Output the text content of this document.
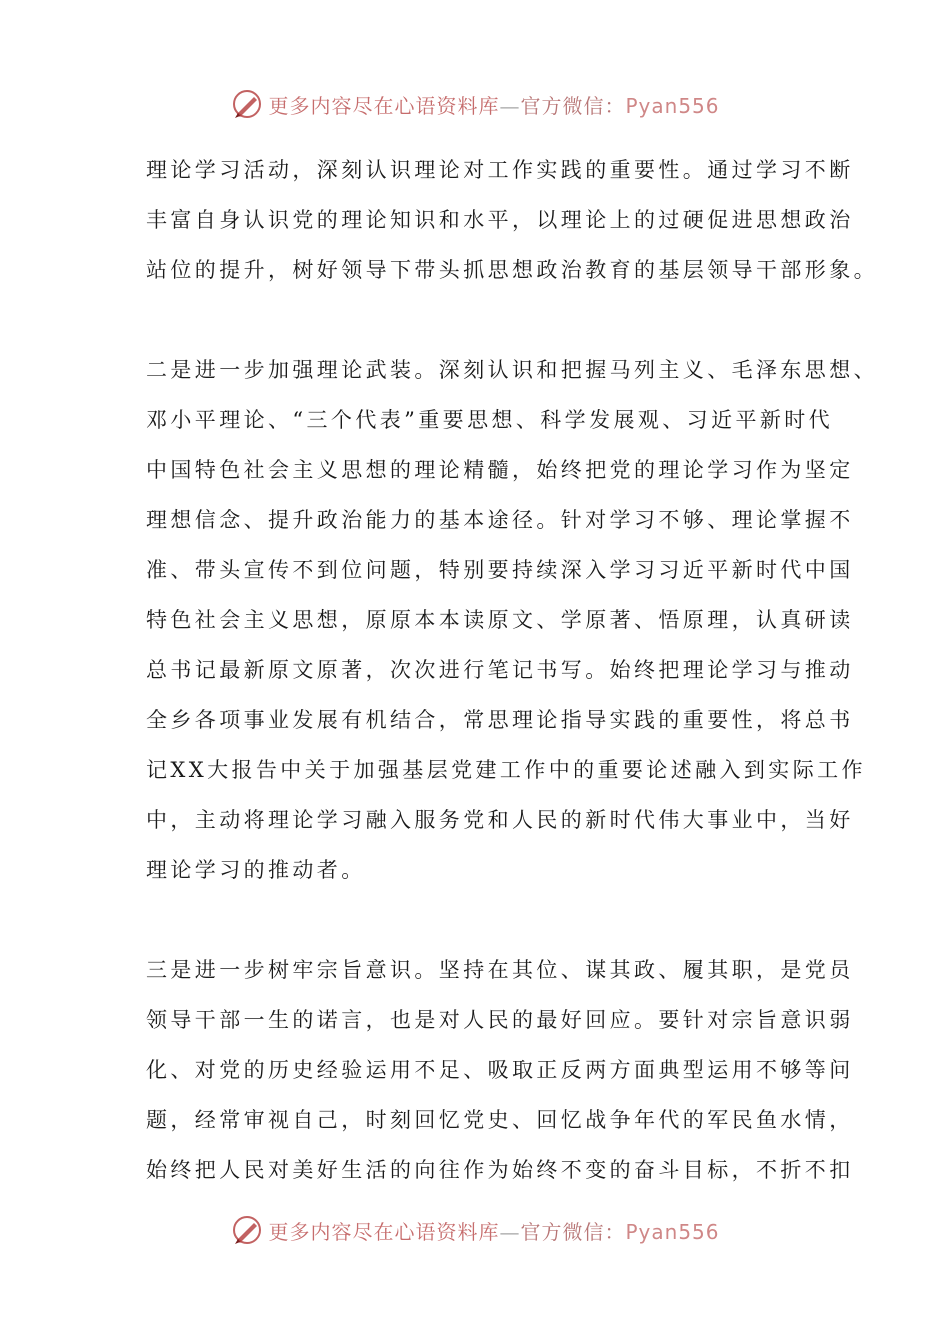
更多内容尽在心语资料库—官方微信：Pyan556
理论学习活动，深刻认识理论对工作实践的重要性。通过学习不断
丰富自身认识党的理论知识和水平，以理论上的过硬促进思想政治
站位的提升，树好领导下带头抓思想政治教育的基层领导干部形象。
二是进一步加强理论武装。深刻认识和把握马列主义、毛泽东思想、
邓小平理论、“三个代表”重要思想、科学发展观、习近平新时代
中国特色社会主义思想的理论精髓，始终把党的理论学习作为坚定
理想信念、提升政治能力的基本途径。针对学习不够、理论掌握不
准、带头宣传不到位问题，特别要持续深入学习习近平新时代中国
特色社会主义思想，原原本本读原文、学原著、悟原理，认真研读
总书记最新原文原著，次次进行笔记书写。始终把理论学习与推动
全乡各项事业发展有机结合，常思理论指导实践的重要性，将总书
记XX大报告中关于加强基层党建工作中的重要论述融入到实际工作
中，主动将理论学习融入服务党和人民的新时代伟大事业中，当好
理论学习的推动者。
三是进一步树牢宗旨意识。坚持在其位、谋其政、履其职，是党员
领导干部一生的诺言，也是对人民的最好回应。要针对宗旨意识弱
化、对党的历史经验运用不足、吸取正反两方面典型运用不够等问
题，经常审视自己，时刻回忆党史、回忆战争年代的军民鱼水情，
始终把人民对美好生活的向往作为始终不变的奋斗目标，不折不扣
更多内容尽在心语资料库—官方微信：Pyan556
